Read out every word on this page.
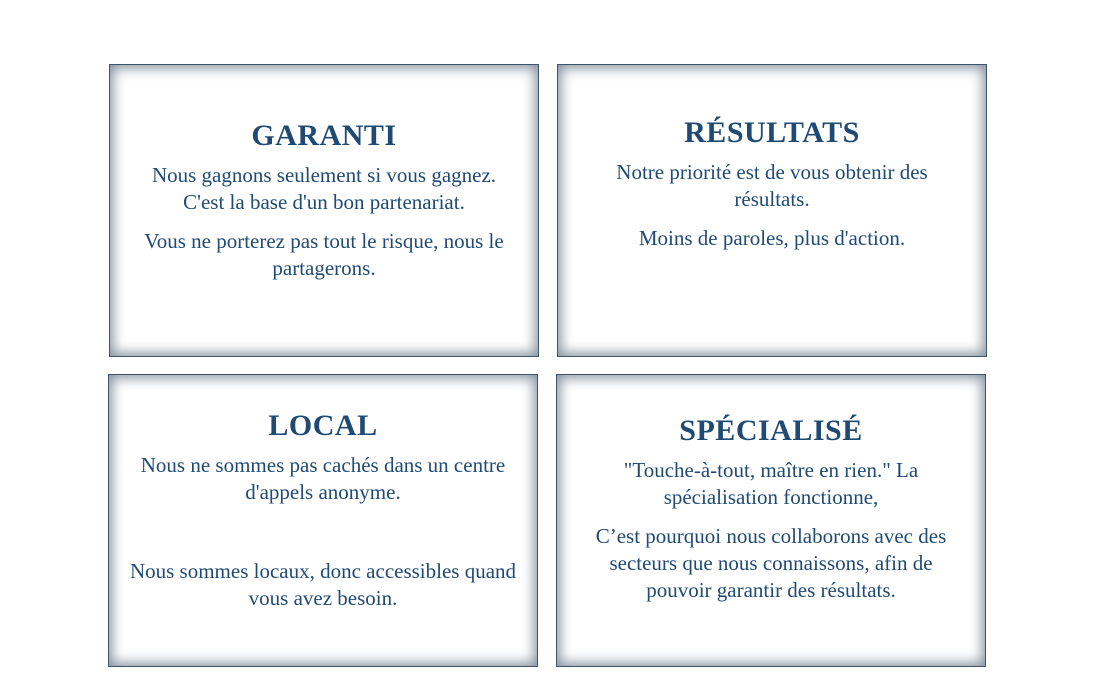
GARANTI

Nous gagnons seulement si vous gagnez. C'est la base d'un bon partenariat.

Vous ne porterez pas tout le risque, nous le partagerons.

RÉSULTATS

Notre priorité est de vous obtenir des résultats.

Moins de paroles, plus d'action.

LOCAL

Nous ne sommes pas cachés dans un centre d'appels anonyme.

Nous sommes locaux, donc accessibles quand vous avez besoin.

SPÉCIALISÉ

"Touche-à-tout, maître en rien." La spécialisation fonctionne,

C’est pourquoi nous collaborons avec des secteurs que nous connaissons, afin de pouvoir garantir des résultats.
